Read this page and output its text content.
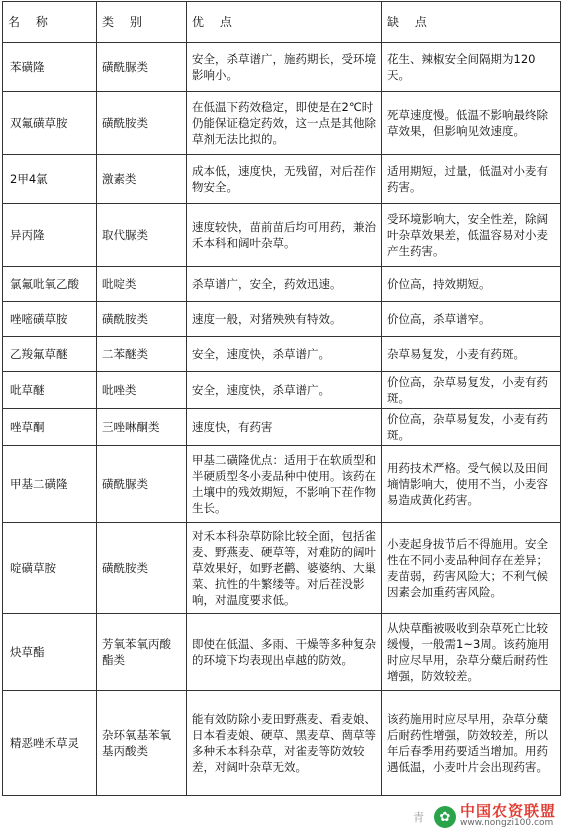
名 称	类 别	优 点	缺 点
苯磺隆	磺酰脲类	安全，杀草谱广，施药期长，受环境影响小。	花生、辣椒安全间隔期为120天。
双氟磺草胺	磺酰胺类	在低温下药效稳定，即使是在2℃时仍能保证稳定药效，这一点是其他除草剂无法比拟的。	死草速度慢。低温不影响最终除草效果，但影响见效速度。
2甲4氯	激素类	成本低，速度快，无残留，对后茬作物安全。	适用期短，过量，低温对小麦有药害。
异丙隆	取代脲类	速度较快，苗前苗后均可用药，兼治禾本科和阔叶杂草。	受环境影响大，安全性差，除阔叶杂草效果差，低温容易对小麦产生药害。
氯氟吡氧乙酸	吡啶类	杀草谱广，安全，药效迅速。	价位高，持效期短。
唑嘧磺草胺	磺酰胺类	速度一般，对猪殃殃有特效。	价位高，杀草谱窄。
乙羧氟草醚	二苯醚类	安全，速度快，杀草谱广。	杂草易复发，小麦有药斑。
吡草醚	吡唑类	安全，速度快，杀草谱广。	价位高，杂草易复发，小麦有药斑。
唑草酮	三唑啉酮类	速度快，有药害	价位高，杂草易复发，小麦有药斑。
甲基二磺隆	磺酰脲类	甲基二磺隆优点：适用于在软质型和半硬质型冬小麦品种中使用。该药在土壤中的残效期短，不影响下茬作物生长。	用药技术严格。受气候以及田间墒情影响大，使用不当，小麦容易造成黄化药害。
啶磺草胺	磺酰胺类	对禾本科杂草防除比较全面，包括雀麦、野燕麦、硬草等，对难防的阔叶草效果好，如野老鹳、婆婆纳、大巢菜、抗性的牛繁缕等。对后茬没影响，对温度要求低。	小麦起身拔节后不得施用。安全性在不同小麦品种间存在差异；麦苗弱，药害风险大；不利气候因素会加重药害风险。
炔草酯	芳氧苯氧丙酸酯类	即使在低温、多雨、干燥等多种复杂的环境下均表现出卓越的防效。	从炔草酯被吸收到杂草死亡比较缓慢，一般需1~3周。该药施用时应尽早用，杂草分蘖后耐药性增强，防效较差。
精恶唑禾草灵	杂环氧基苯氧基丙酸类	能有效防除小麦田野燕麦、看麦娘、日本看麦娘、硬草、黑麦草、菵草等多种禾本科杂草，对雀麦等防效较差，对阔叶杂草无效。	该药施用时应尽早用，杂草分蘖后耐药性增强，防效较差，所以年后春季用药要适当增加。用药遇低温，小麦叶片会出现药害。
青	✿ 中国农资联盟
www.nongzi100.com
